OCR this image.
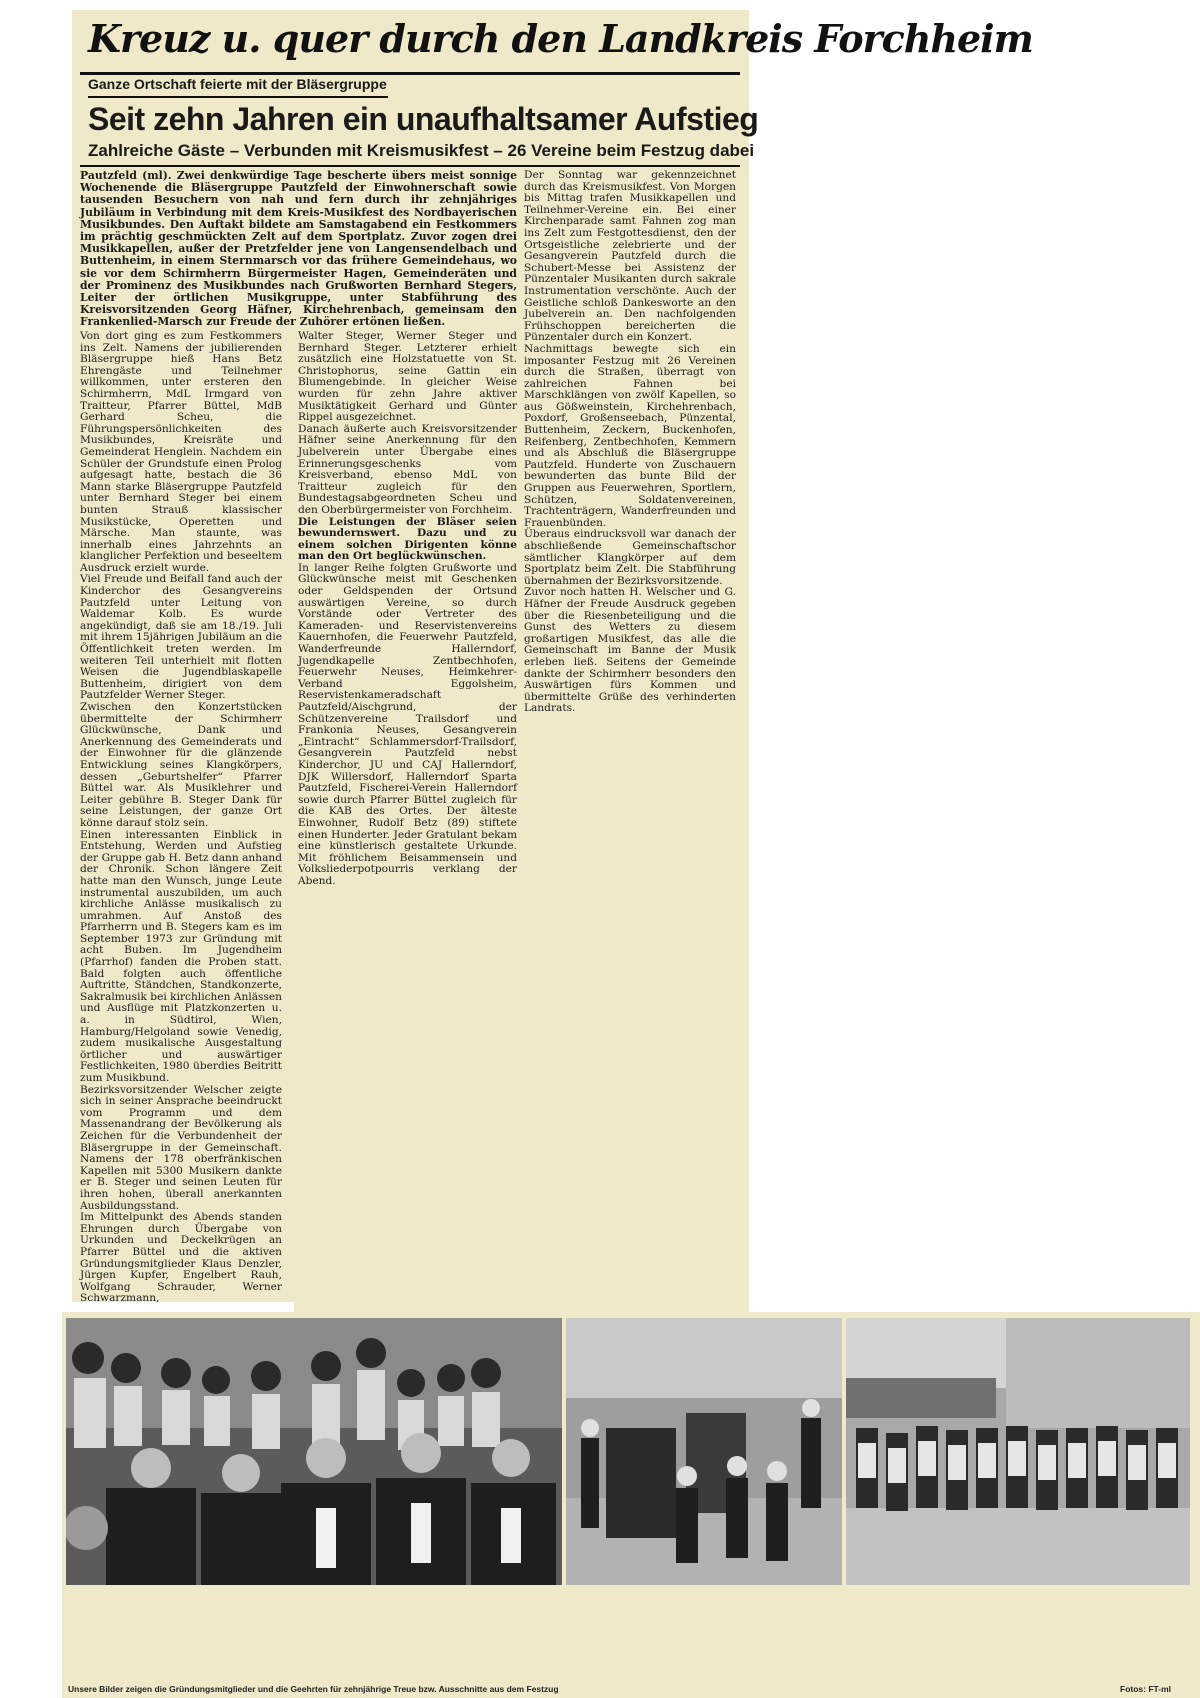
Kreuz u. quer durch den Landkreis Forchheim
Ganze Ortschaft feierte mit der Bläsergruppe
Seit zehn Jahren ein unaufhaltsamer Aufstieg
Zahlreiche Gäste – Verbunden mit Kreismusikfest – 26 Vereine beim Festzug dabei

Pautzfeld (ml). Zwei denkwürdige Tage bescherte übers meist sonnige Wochenende die Bläsergruppe Pautzfeld der Einwohnerschaft sowie tausenden Besuchern von nah und fern durch ihr zehnjähriges Jubiläum in Verbindung mit dem Kreis-Musikfest des Nordbayerischen Musikbundes. Den Auftakt bildete am Samstagabend ein Festkommers im prächtig geschmückten Zelt auf dem Sportplatz. Zuvor zogen drei Musikkapellen, außer der Pretzfelder jene von Langensendelbach und Buttenheim, in einem Sternmarsch vor das frühere Gemeindehaus, wo sie vor dem Schirmherrn Bürgermeister Hagen, Gemeinderäten und der Prominenz des Musikbundes nach Grußworten Bernhard Stegers, Leiter der örtlichen Musikgruppe, unter Stabführung des Kreisvorsitzenden Georg Häfner, Kirchehrenbach, gemeinsam den Frankenlied-Marsch zur Freude der Zuhörer ertönen ließen.

Von dort ging es zum Festkommers ins Zelt. Namens der jubilierenden Bläsergruppe hieß Hans Betz Ehrengäste und Teilnehmer willkommen, unter ersteren den Schirmherrn, MdL Irmgard von Traitteur, Pfarrer Büttel, MdB Gerhard Scheu, die Führungspersönlichkeiten des Musikbundes, Kreisräte und Gemeinderat Henglein. Nachdem ein Schüler der Grundstufe einen Prolog aufgesagt hatte, bestach die 36 Mann starke Bläsergruppe Pautzfeld unter Bernhard Steger bei einem bunten Strauß klassischer Musikstücke, Operetten und Märsche. Man staunte, was innerhalb eines Jahrzehnts an klanglicher Perfektion und beseeltem Ausdruck erzielt wurde.

Viel Freude und Beifall fand auch der Kinderchor des Gesangvereins Pautzfeld unter Leitung von Waldemar Kolb. Es wurde angekündigt, daß sie am 18./19. Juli mit ihrem 15jährigen Jubiläum an die Öffentlichkeit treten werden. Im weiteren Teil unterhielt mit flotten Weisen die Jugendblaskapelle Buttenheim, dirigiert von dem Pautzfelder Werner Steger.

Zwischen den Konzertstücken übermittelte der Schirmherr Glückwünsche, Dank und Anerkennung des Gemeinderats und der Einwohner für die glänzende Entwicklung seines Klangkörpers, dessen „Geburtshelfer“ Pfarrer Büttel war. Als Musiklehrer und Leiter gebühre B. Steger Dank für seine Leistungen, der ganze Ort könne darauf stolz sein.

Einen interessanten Einblick in Entstehung, Werden und Aufstieg der Gruppe gab H. Betz dann anhand der Chronik. Schon längere Zeit hatte man den Wunsch, junge Leute instrumental auszubilden, um auch kirchliche Anlässe musikalisch zu umrahmen. Auf Anstoß des Pfarrherrn und B. Stegers kam es im September 1973 zur Gründung mit acht Buben. Im Jugendheim (Pfarrhof) fanden die Proben statt. Bald folgten auch öffentliche Auftritte, Ständchen, Standkonzerte, Sakralmusik bei kirchlichen Anlässen und Ausflüge mit Platzkonzerten u. a. in Südtirol, Wien, Hamburg/Helgoland sowie Venedig, zudem musikalische Ausgestaltung örtlicher und auswärtiger Festlichkeiten, 1980 überdies Beitritt zum Musikbund.

Bezirksvorsitzender Welscher zeigte sich in seiner Ansprache beeindruckt vom Programm und dem Massenandrang der Bevölkerung als Zeichen für die Verbundenheit der Bläsergruppe in der Gemeinschaft. Namens der 178 oberfränkischen Kapellen mit 5300 Musikern dankte er B. Steger und seinen Leuten für ihren hohen, überall anerkannten Ausbildungsstand.

Im Mittelpunkt des Abends standen Ehrungen durch Übergabe von Urkunden und Deckelkrügen an Pfarrer Büttel und die aktiven Gründungsmitglieder Klaus Denzler, Jürgen Kupfer, Engelbert Rauh, Wolfgang Schrauder, Werner Schwarzmann,

Walter Steger, Werner Steger und Bernhard Steger. Letzterer erhielt zusätzlich eine Holzstatuette von St. Christophorus, seine Gattin ein Blumengebinde. In gleicher Weise wurden für zehn Jahre aktiver Musiktätigkeit Gerhard und Günter Rippel ausgezeichnet.

Danach äußerte auch Kreisvorsitzender Häfner seine Anerkennung für den Jubelverein unter Übergabe eines Erinnerungsgeschenks vom Kreisverband, ebenso MdL von Traitteur zugleich für den Bundestagsabgeordneten Scheu und den Oberbürgermeister von Forchheim.

Die Leistungen der Bläser seien bewundernswert. Dazu und zu einem solchen Dirigenten könne man den Ort beglückwünschen.

In langer Reihe folgten Grußworte und Glückwünsche meist mit Geschenken oder Geldspenden der Ortsund auswärtigen Vereine, so durch Vorstände oder Vertreter des Kameraden- und Reservistenvereins Kauernhofen, die Feuerwehr Pautzfeld, Wanderfreunde Hallerndorf, Jugendkapelle Zentbechhofen, Feuerwehr Neuses, Heimkehrer-Verband Eggolsheim, Reservistenkameradschaft Pautzfeld/Aischgrund, der Schützenvereine Trailsdorf und Frankonia Neuses, Gesangverein „Eintracht“ Schlammersdorf-Trailsdorf, Gesangverein Pautzfeld nebst Kinderchor, JU und CAJ Hallerndorf, DJK Willersdorf, Hallerndorf Sparta Pautzfeld, Fischerei-Verein Hallerndorf sowie durch Pfarrer Büttel zugleich für die KAB des Ortes. Der älteste Einwohner, Rudolf Betz (89) stiftete einen Hunderter. Jeder Gratulant bekam eine künstlerisch gestaltete Urkunde. Mit fröhlichem Beisammensein und Volksliederpotpourris verklang der Abend.

Der Sonntag war gekennzeichnet durch das Kreismusikfest. Von Morgen bis Mittag trafen Musikkapellen und Teilnehmer-Vereine ein. Bei einer Kirchenparade samt Fahnen zog man ins Zelt zum Festgottesdienst, den der Ortsgeistliche zelebrierte und der Gesangverein Pautzfeld durch die Schubert-Messe bei Assistenz der Pünzentaler Musikanten durch sakrale Instrumentation verschönte. Auch der Geistliche schloß Dankesworte an den Jubelverein an. Den nachfolgenden Frühschoppen bereicherten die Pünzentaler durch ein Konzert.

Nachmittags bewegte sich ein imposanter Festzug mit 26 Vereinen durch die Straßen, überragt von zahlreichen Fahnen bei Marschklängen von zwölf Kapellen, so aus Gößweinstein, Kirchehrenbach, Poxdorf, Großenseebach, Pünzental, Buttenheim, Zeckern, Buckenhofen, Reifenberg, Zentbechhofen, Kemmern und als Abschluß die Bläsergruppe Pautzfeld. Hunderte von Zuschauern bewunderten das bunte Bild der Gruppen aus Feuerwehren, Sportlern, Schützen, Soldatenvereinen, Trachtenträgern, Wanderfreunden und Frauenbünden.

Überaus eindrucksvoll war danach der abschließende Gemeinschaftschor sämtlicher Klangkörper auf dem Sportplatz beim Zelt. Die Stabführung übernahmen der Bezirksvorsitzende.

Zuvor noch hatten H. Welscher und G. Häfner der Freude Ausdruck gegeben über die Riesenbeteiligung und die Gunst des Wetters zu diesem großartigen Musikfest, das alle die Gemeinschaft im Banne der Musik erleben ließ. Seitens der Gemeinde dankte der Schirmherr besonders den Auswärtigen fürs Kommen und übermittelte Grüße des verhinderten Landrats.

Unsere Bilder zeigen die Gründungsmitglieder und die Geehrten für zehnjährige Treue bzw. Ausschnitte aus dem Festzug	Fotos: FT-ml
